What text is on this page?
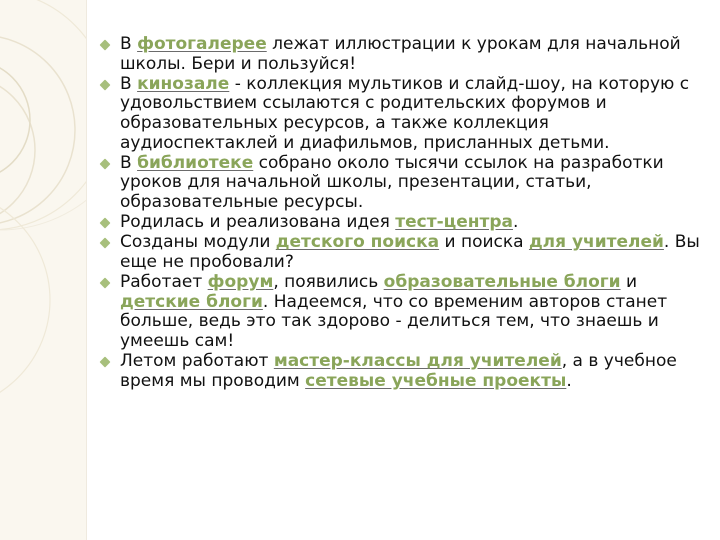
В фотогалерее лежат иллюстрации к урокам для начальной школы. Бери и пользуйся!
В кинозале - коллекция мультиков и слайд-шоу, на которую с удовольствием ссылаются с родительских форумов и образовательных ресурсов, а также коллекция аудиоспектаклей и диафильмов, присланных детьми.
В библиотеке собрано около тысячи ссылок на разработки уроков для начальной школы, презентации, статьи, образовательные ресурсы.
Родилась и реализована идея тест-центра.
Созданы модули детского поиска и поиска для учителей. Вы еще не пробовали?
Работает форум, появились образовательные блоги и детские блоги. Надеемся, что со временим авторов станет больше, ведь это так здорово - делиться тем, что знаешь и умеешь сам!
Летом работают мастер-классы для учителей, а в учебное время мы проводим сетевые учебные проекты.
